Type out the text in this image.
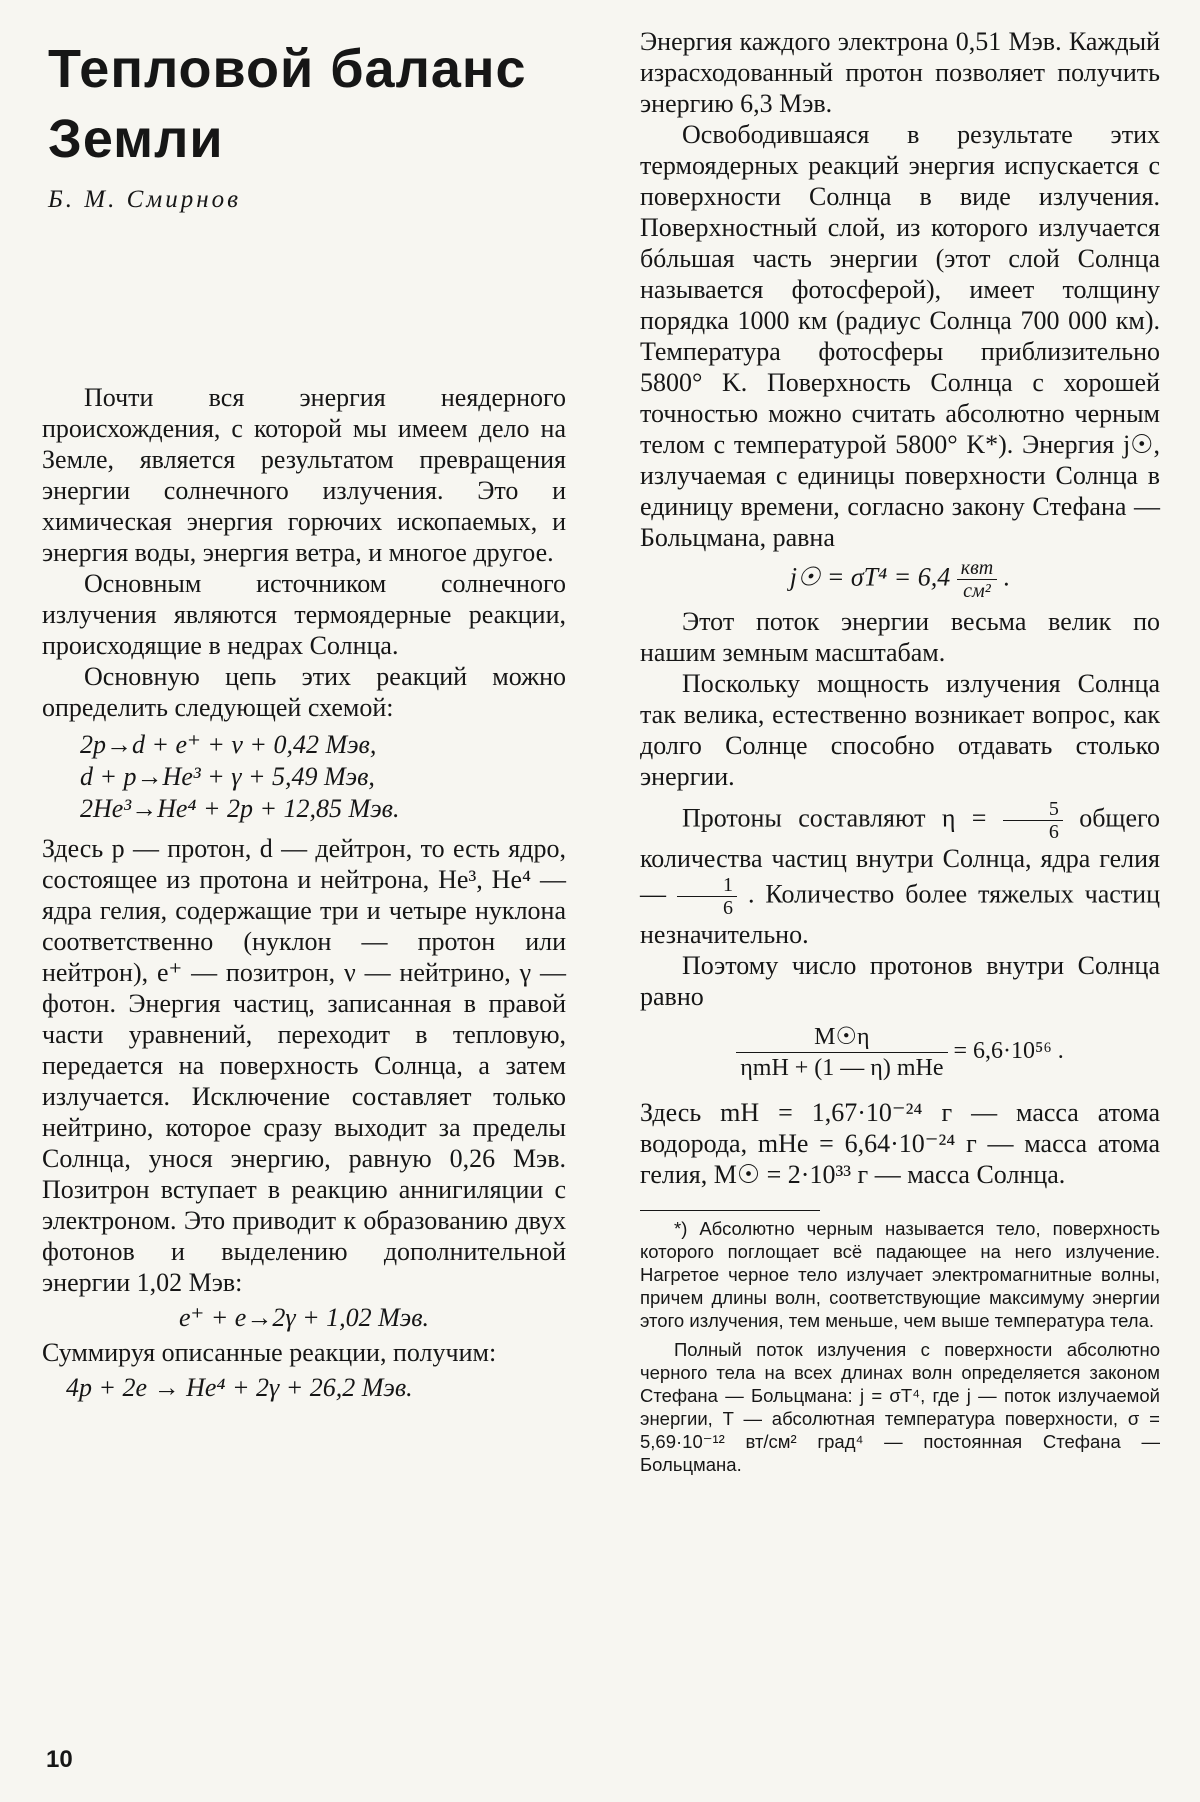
Тепловой баланс Земли
Б. М. Смирнов

Почти вся энергия неядерного происхождения, с которой мы имеем дело на Земле, является результатом превращения энергии солнечного излучения. Это и химическая энергия горючих ископаемых, и энергия воды, энергия ветра, и многое другое.

Основным источником солнечного излучения являются термоядерные реакции, происходящие в недрах Солнца.

Основную цепь этих реакций можно определить следующей схемой:

2p→d + e⁺ + ν + 0,42 Мэв,
d + p→He³ + γ + 5,49 Мэв,
2He³→He⁴ + 2p + 12,85 Мэв.

Здесь p — протон, d — дейтрон, то есть ядро, состоящее из протона и нейтрона, He³, He⁴ — ядра гелия, содержащие три и четыре нуклона соответственно (нуклон — протон или нейтрон), e⁺ — позитрон, ν — нейтрино, γ — фотон. Энергия частиц, записанная в правой части уравнений, переходит в тепловую, передается на поверхность Солнца, а затем излучается. Исключение составляет только нейтрино, которое сразу выходит за пределы Солнца, унося энергию, равную 0,26 Мэв. Позитрон вступает в реакцию аннигиляции с электроном. Это приводит к образованию двух фотонов и выделению дополнительной энергии 1,02 Мэв:

e⁺ + e→2γ + 1,02 Мэв.

Суммируя описанные реакции, получим:

4p + 2e → He⁴ + 2γ + 26,2 Мэв.

Энергия каждого электрона 0,51 Мэв. Каждый израсходованный протон позволяет получить энергию 6,3 Мэв.

Освободившаяся в результате этих термоядерных реакций энергия испускается с поверхности Солнца в виде излучения. Поверхностный слой, из которого излучается бóльшая часть энергии (этот слой Солнца называется фотосферой), имеет толщину порядка 1000 км (радиус Солнца 700 000 км). Температура фотосферы приблизительно 5800° K. Поверхность Солнца с хорошей точностью можно считать абсолютно черным телом с температурой 5800° K*). Энергия j☉, излучаемая с единицы поверхности Солнца в единицу времени, согласно закону Стефана — Больцмана, равна

j☉ = $\sigma T^4 = 6,4 \frac{\text{квт}}{\text{см²}}$ .

Этот поток энергии весьма велик по нашим земным масштабам.

Поскольку мощность излучения Солнца так велика, естественно возникает вопрос, как долго Солнце способно отдавать столько энергии.

Протоны составляют $\eta = \frac{5}{6}$ общего количества частиц внутри Солнца, ядра гелия — $\frac{1}{6}$ . Количество более тяжелых частиц незначительно.

Поэтому число протонов внутри Солнца равно

$\frac{M☉\eta}{\text{ηmH + (1 — η) mHe}} = 6,6\cdot 10^{56}$ .

Здесь mH = 1,67·10⁻²⁴ г — масса атома водорода, mHe = 6,64·10⁻²⁴ г — масса атома гелия, M☉ = 2·10³³ г — масса Солнца.

*) Абсолютно черным называется тело, поверхность которого поглощает всё падающее на него излучение. Нагретое черное тело излучает электромагнитные волны, причем длины волн, соответствующие максимуму энергии этого излучения, тем меньше, чем выше температура тела.

Полный поток излучения с поверхности абсолютно черного тела на всех длинах волн определяется законом Стефана — Больцмана: j = σT⁴, где j — поток излучаемой энергии, T — абсолютная температура поверхности, σ = 5,69·10⁻¹² вт/см² град⁴ — постоянная Стефана — Больцмана.

10
